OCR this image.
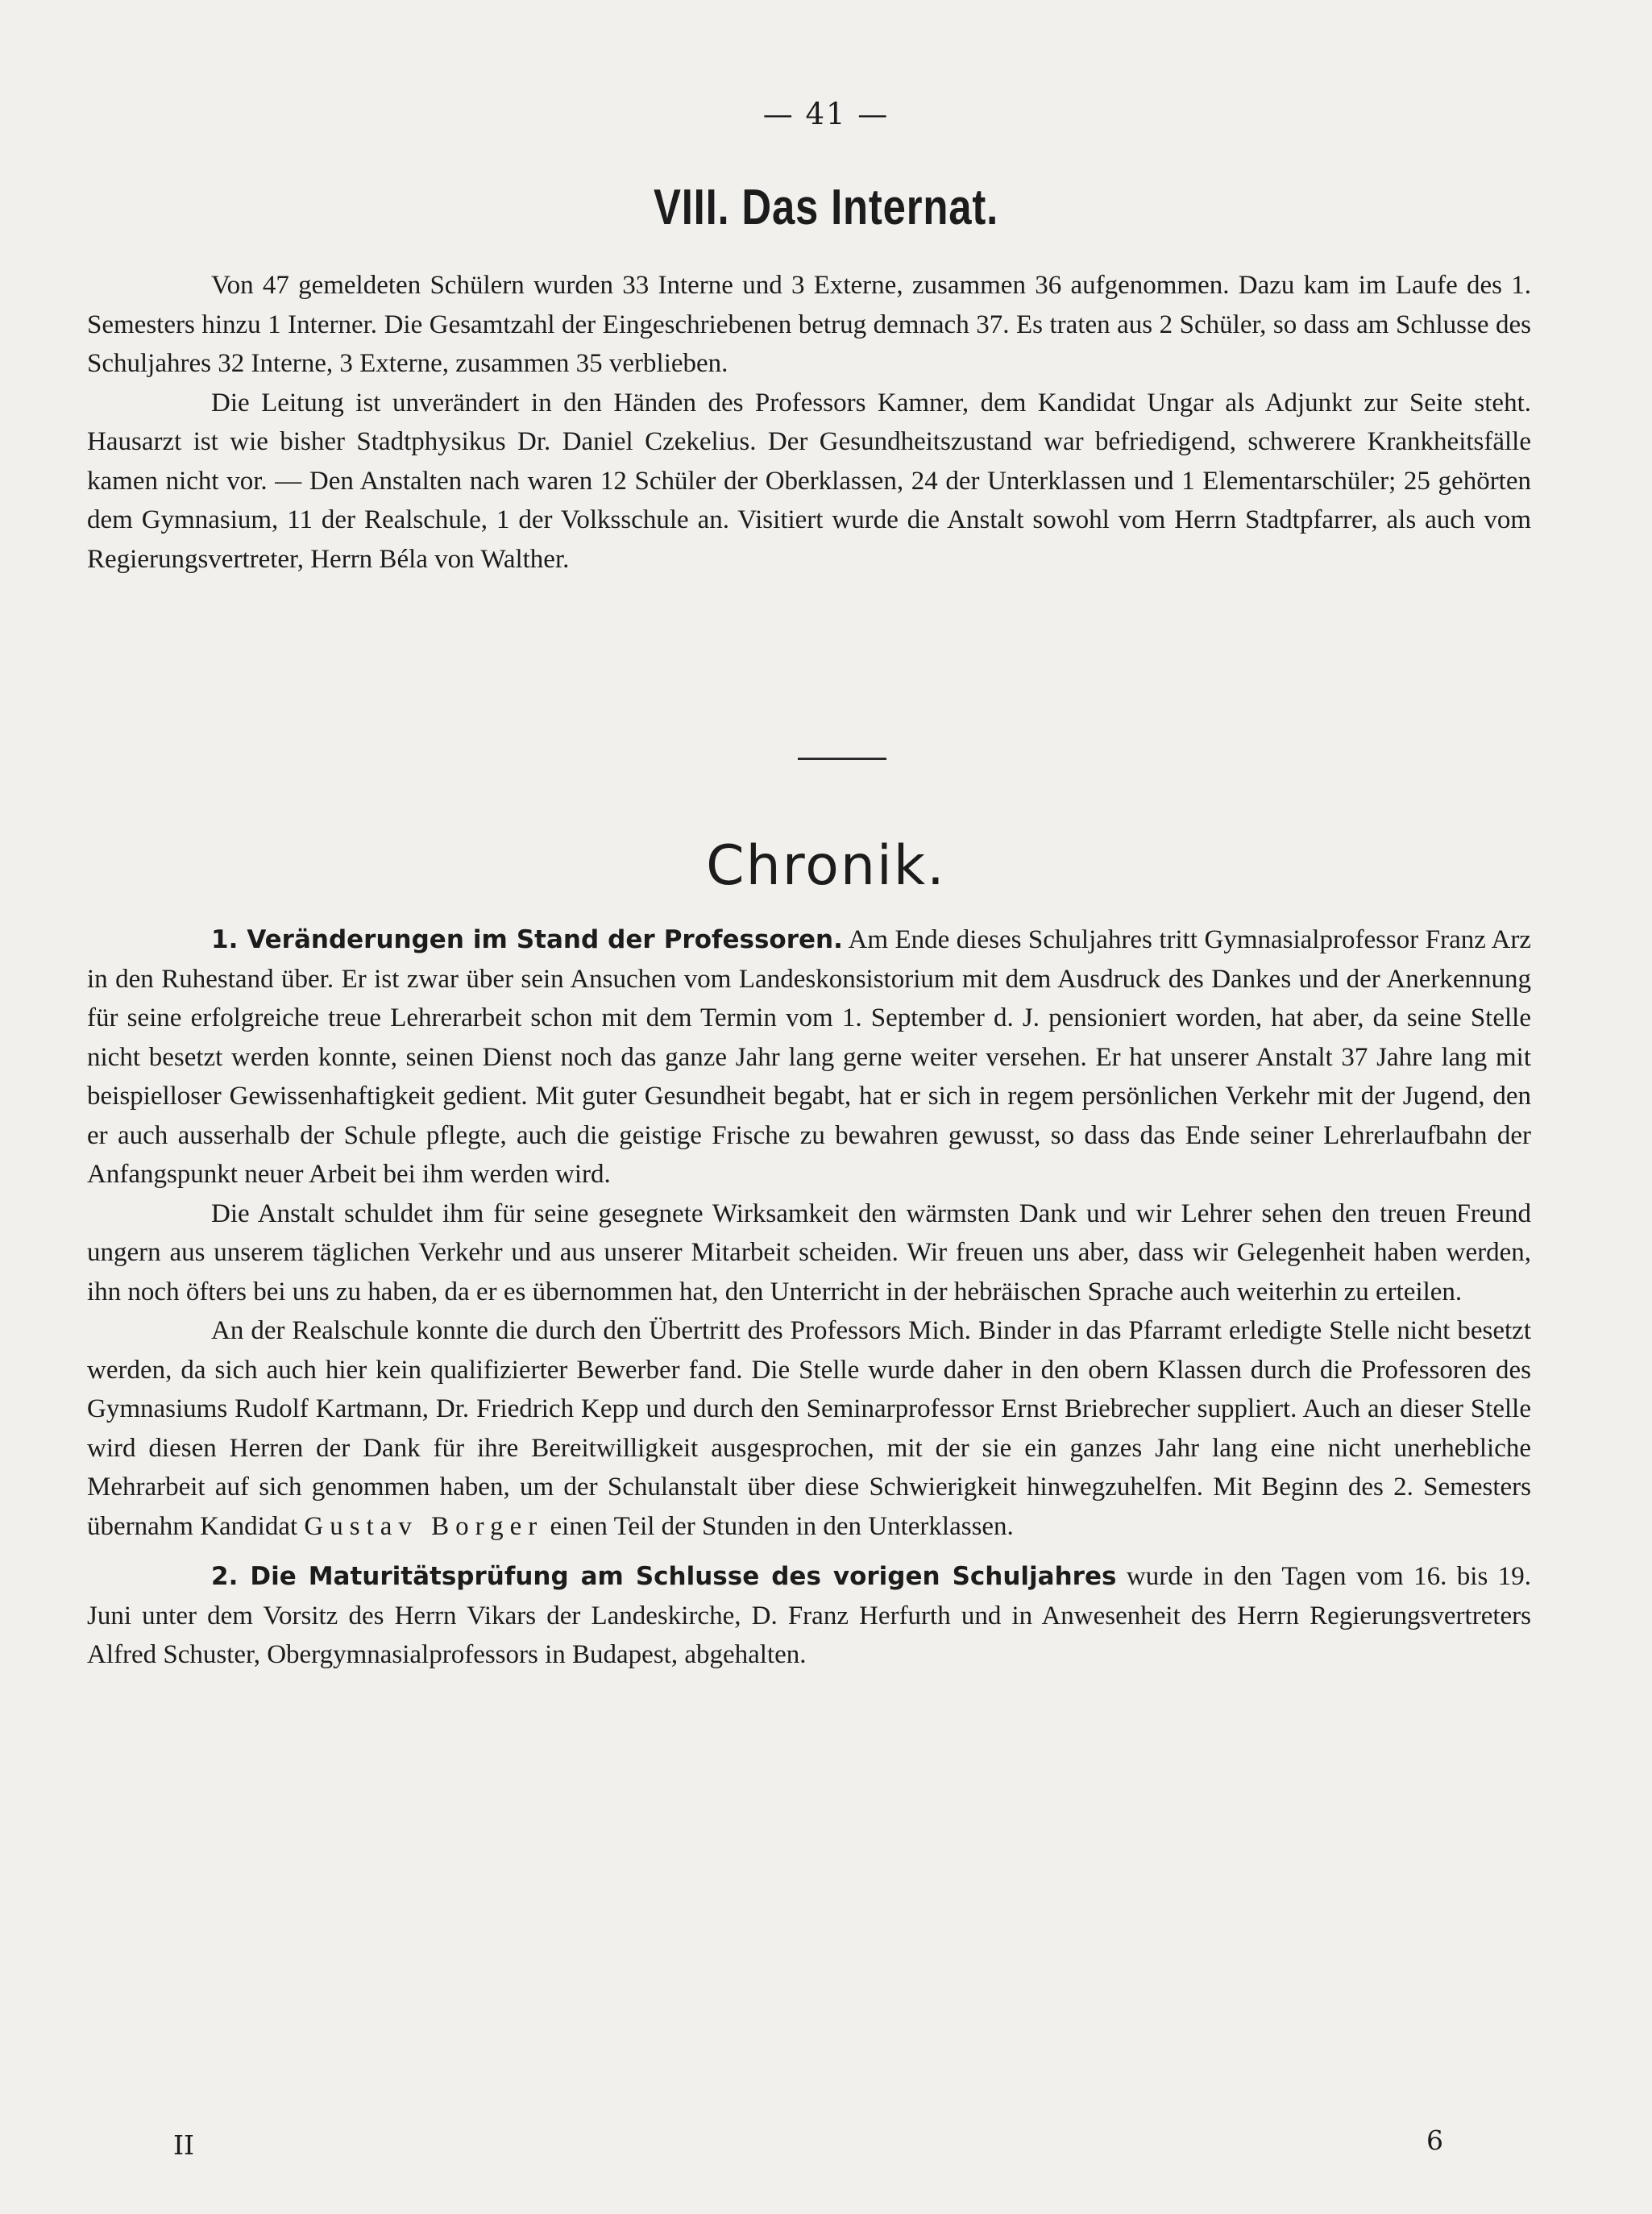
— 41 —
VIII. Das Internat.

Von 47 gemeldeten Schülern wurden 33 Interne und 3 Externe, zusammen 36 aufgenommen. Dazu kam im Laufe des 1. Semesters hinzu 1 Interner. Die Gesamtzahl der Eingeschriebenen betrug demnach 37. Es traten aus 2 Schüler, so dass am Schlusse des Schuljahres 32 Interne, 3 Externe, zusammen 35 verblieben.

Die Leitung ist unverändert in den Händen des Professors Kamner, dem Kandidat Ungar als Adjunkt zur Seite steht. Hausarzt ist wie bisher Stadtphysikus Dr. Daniel Czekelius. Der Gesundheitszustand war befriedigend, schwerere Krankheitsfälle kamen nicht vor. — Den Anstalten nach waren 12 Schüler der Oberklassen, 24 der Unterklassen und 1 Elementarschüler; 25 gehörten dem Gymnasium, 11 der Realschule, 1 der Volksschule an. Visitiert wurde die Anstalt sowohl vom Herrn Stadtpfarrer, als auch vom Regierungsvertreter, Herrn Béla von Walther.

Chronik.

1. Veränderungen im Stand der Professoren. Am Ende dieses Schuljahres tritt Gymnasialprofessor Franz Arz in den Ruhestand über. Er ist zwar über sein Ansuchen vom Landeskonsistorium mit dem Ausdruck des Dankes und der Anerkennung für seine erfolgreiche treue Lehrerarbeit schon mit dem Termin vom 1. September d. J. pensioniert worden, hat aber, da seine Stelle nicht besetzt werden konnte, seinen Dienst noch das ganze Jahr lang gerne weiter versehen. Er hat unserer Anstalt 37 Jahre lang mit beispielloser Gewissenhaftigkeit gedient. Mit guter Gesundheit begabt, hat er sich in regem persönlichen Verkehr mit der Jugend, den er auch ausserhalb der Schule pflegte, auch die geistige Frische zu bewahren gewusst, so dass das Ende seiner Lehrerlaufbahn der Anfangspunkt neuer Arbeit bei ihm werden wird.

Die Anstalt schuldet ihm für seine gesegnete Wirksamkeit den wärmsten Dank und wir Lehrer sehen den treuen Freund ungern aus unserem täglichen Verkehr und aus unserer Mitarbeit scheiden. Wir freuen uns aber, dass wir Gelegenheit haben werden, ihn noch öfters bei uns zu haben, da er es übernommen hat, den Unterricht in der hebräischen Sprache auch weiterhin zu erteilen.

An der Realschule konnte die durch den Übertritt des Professors Mich. Binder in das Pfarramt erledigte Stelle nicht besetzt werden, da sich auch hier kein qualifizierter Bewerber fand. Die Stelle wurde daher in den obern Klassen durch die Professoren des Gymnasiums Rudolf Kartmann, Dr. Friedrich Kepp und durch den Seminarprofessor Ernst Briebrecher suppliert. Auch an dieser Stelle wird diesen Herren der Dank für ihre Bereitwilligkeit ausgesprochen, mit der sie ein ganzes Jahr lang eine nicht unerhebliche Mehrarbeit auf sich genommen haben, um der Schulanstalt über diese Schwierigkeit hinwegzuhelfen. Mit Beginn des 2. Semesters übernahm Kandidat Gustav Borger einen Teil der Stunden in den Unterklassen.

2. Die Maturitätsprüfung am Schlusse des vorigen Schuljahres wurde in den Tagen vom 16. bis 19. Juni unter dem Vorsitz des Herrn Vikars der Landeskirche, D. Franz Herfurth und in Anwesenheit des Herrn Regierungsvertreters Alfred Schuster, Obergymnasialprofessors in Budapest, abgehalten.

II	6
